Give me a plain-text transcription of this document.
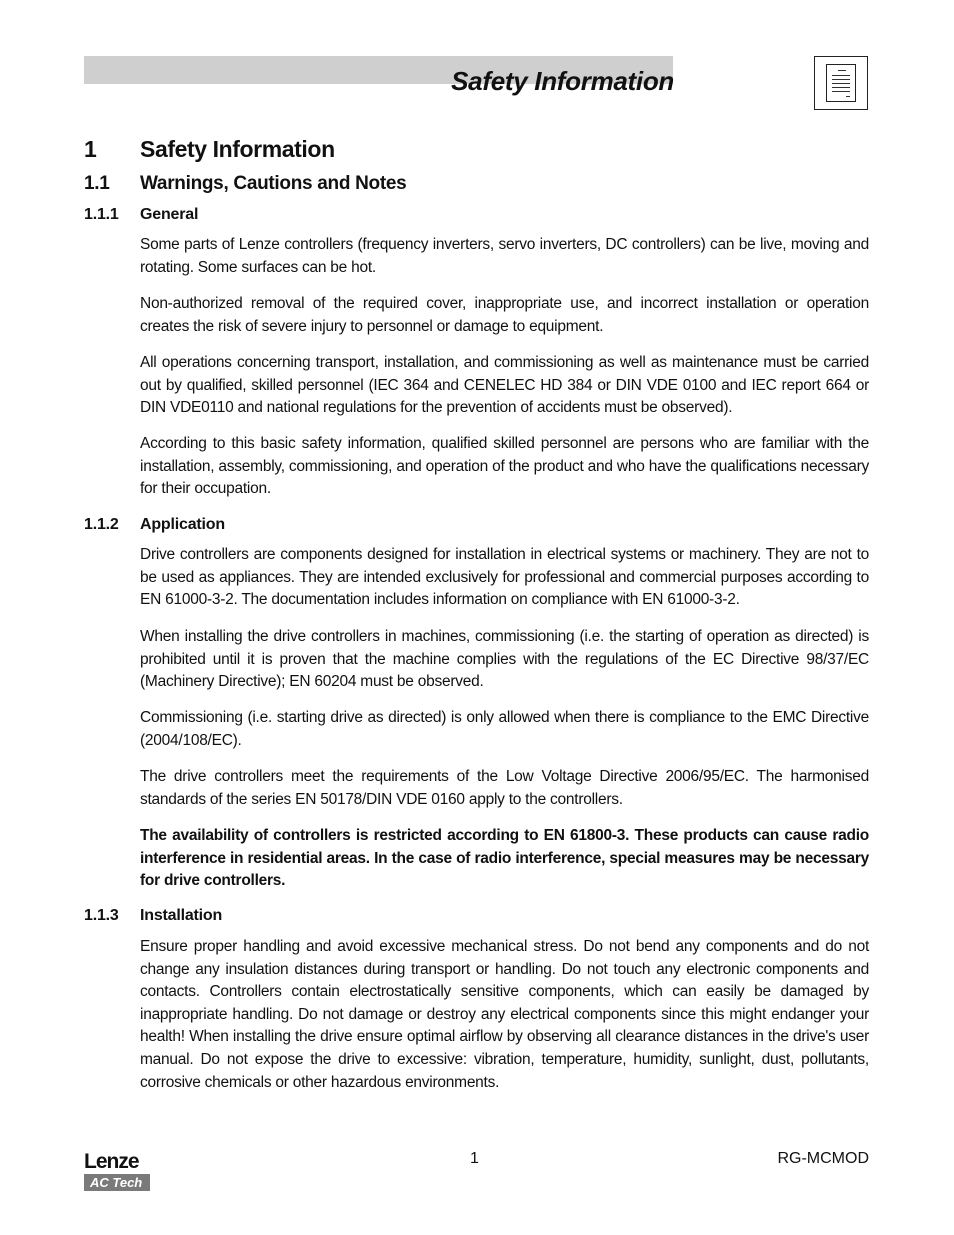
Safety Information
1 Safety Information
1.1 Warnings, Cautions and Notes
1.1.1 General

Some parts of Lenze controllers (frequency inverters, servo inverters, DC controllers) can be live, moving and rotating. Some surfaces can be hot.

Non-authorized removal of the required cover, inappropriate use, and incorrect installation or operation creates the risk of severe injury to personnel or damage to equipment.

All operations concerning transport, installation, and commissioning as well as maintenance must be carried out by qualified, skilled personnel (IEC 364 and CENELEC HD 384 or DIN VDE 0100 and IEC report 664 or DIN VDE0110 and national regulations for the prevention of accidents must be observed).

According to this basic safety information, qualified skilled personnel are persons who are familiar with the installation, assembly, commissioning, and operation of the product and who have the qualifications necessary for their occupation.

1.1.2 Application

Drive controllers are components designed for installation in electrical systems or machinery. They are not to be used as appliances. They are intended exclusively for professional and commercial purposes according to EN 61000-3-2. The documentation includes information on compliance with EN 61000-3-2.

When installing the drive controllers in machines, commissioning (i.e. the starting of operation as directed) is prohibited until it is proven that the machine complies with the regulations of the EC Directive 98/37/EC (Machinery Directive); EN 60204 must be observed.

Commissioning (i.e. starting drive as directed) is only allowed when there is compliance to the EMC Directive (2004/108/EC).

The drive controllers meet the requirements of the Low Voltage Directive 2006/95/EC. The harmonised standards of the series EN 50178/DIN VDE 0160 apply to the controllers.

The availability of controllers is restricted according to EN 61800-3. These products can cause radio interference in residential areas. In the case of radio interference, special measures may be necessary for drive controllers.

1.1.3 Installation

Ensure proper handling and avoid excessive mechanical stress. Do not bend any components and do not change any insulation distances during transport or handling. Do not touch any electronic components and contacts. Controllers contain electrostatically sensitive components, which can easily be damaged by inappropriate handling. Do not damage or destroy any electrical components since this might endanger your health! When installing the drive ensure optimal airflow by observing all clearance distances in the drive's user manual. Do not expose the drive to excessive: vibration, temperature, humidity, sunlight, dust, pollutants, corrosive chemicals or other hazardous environments.

Lenze
AC Tech
1	RG-MCMOD
